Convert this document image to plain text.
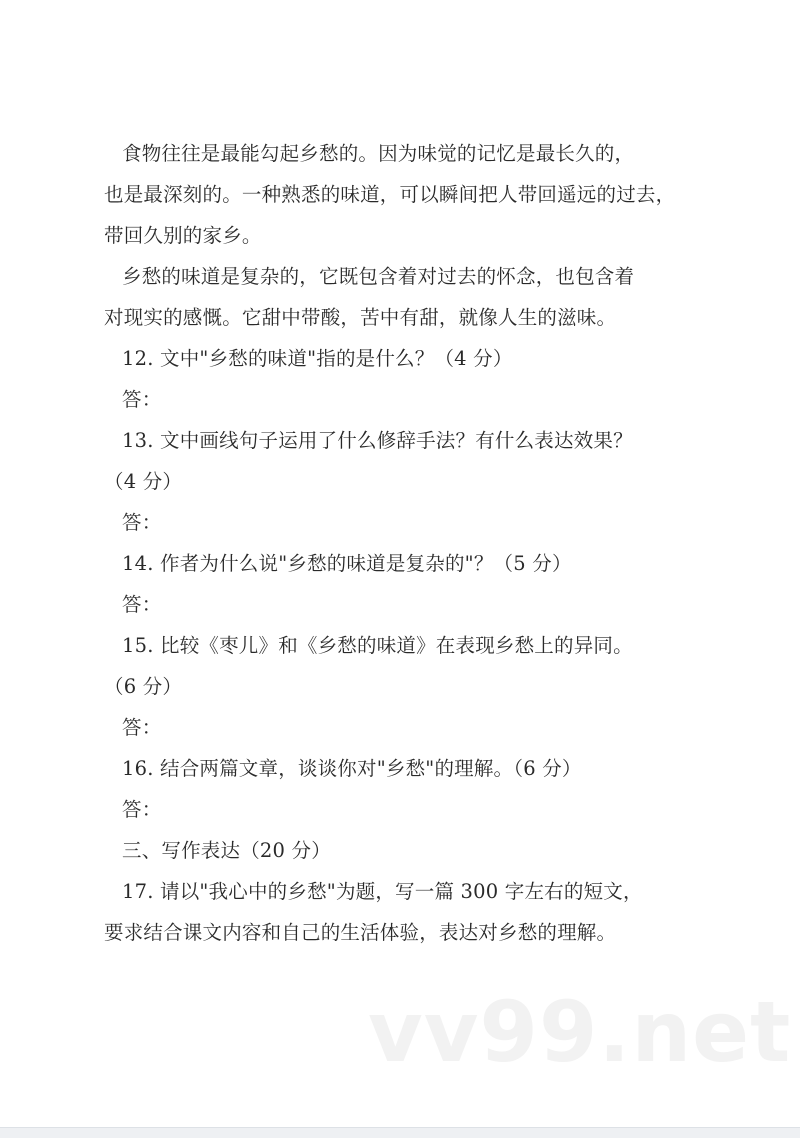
食物往往是最能勾起乡愁的。因为味觉的记忆是最长久的，
也是最深刻的。一种熟悉的味道，可以瞬间把人带回遥远的过去，
带回久别的家乡。
乡愁的味道是复杂的，它既包含着对过去的怀念，也包含着
对现实的感慨。它甜中带酸，苦中有甜，就像人生的滋味。
12. 文中"乡愁的味道"指的是什么？（4 分）
答：
13. 文中画线句子运用了什么修辞手法？有什么表达效果？
（4 分）
答：
14. 作者为什么说"乡愁的味道是复杂的"？（5 分）
答：
15. 比较《枣儿》和《乡愁的味道》在表现乡愁上的异同。
（6 分）
答：
16. 结合两篇文章，谈谈你对"乡愁"的理解。（6 分）
答：
三、写作表达（20 分）
17. 请以"我心中的乡愁"为题，写一篇 300 字左右的短文，
要求结合课文内容和自己的生活体验，表达对乡愁的理解。
vv99.net
